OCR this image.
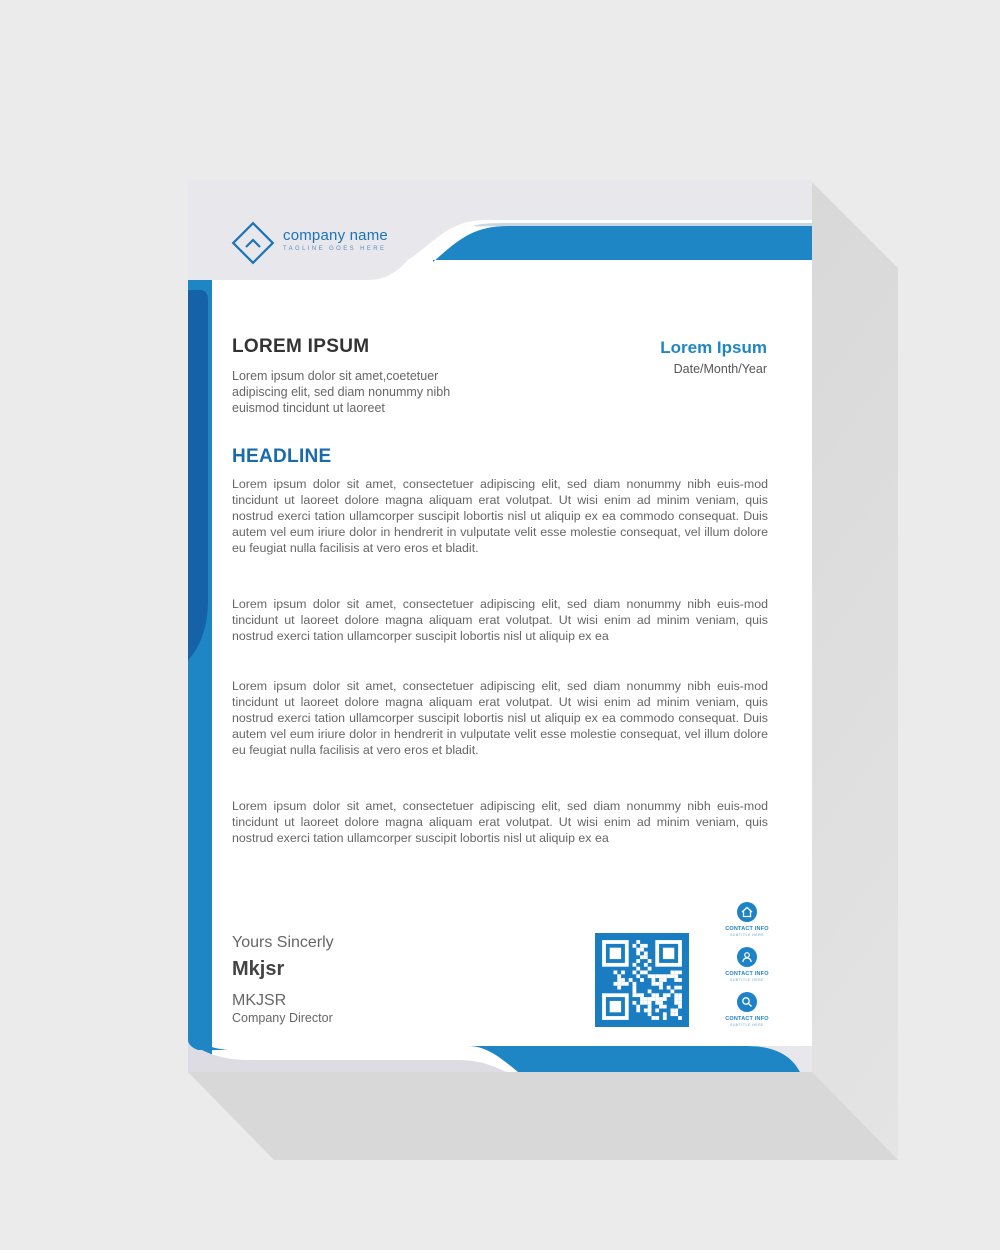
company name
TAGLINE GOES HERE
LOREM IPSUM
Lorem ipsum dolor sit amet,coetetuer adipiscing elit, sed diam nonummy nibh euismod tincidunt ut laoreet
Lorem Ipsum
Date/Month/Year
HEADLINE

Lorem ipsum dolor sit amet, consectetuer adipiscing elit, sed diam nonummy nibh euis-mod tincidunt ut laoreet dolore magna aliquam erat volutpat. Ut wisi enim ad minim veniam, quis nostrud exerci tation ullamcorper suscipit lobortis nisl ut aliquip ex ea commodo consequat. Duis autem vel eum iriure dolor in hendrerit in vulputate velit esse molestie consequat, vel illum dolore eu feugiat nulla facilisis at vero eros et bladit.

Lorem ipsum dolor sit amet, consectetuer adipiscing elit, sed diam nonummy nibh euis-mod tincidunt ut laoreet dolore magna aliquam erat volutpat. Ut wisi enim ad minim veniam, quis nostrud exerci tation ullamcorper suscipit lobortis nisl ut aliquip ex ea

Lorem ipsum dolor sit amet, consectetuer adipiscing elit, sed diam nonummy nibh euis-mod tincidunt ut laoreet dolore magna aliquam erat volutpat. Ut wisi enim ad minim veniam, quis nostrud exerci tation ullamcorper suscipit lobortis nisl ut aliquip ex ea commodo consequat. Duis autem vel eum iriure dolor in hendrerit in vulputate velit esse molestie consequat, vel illum dolore eu feugiat nulla facilisis at vero eros et bladit.

Lorem ipsum dolor sit amet, consectetuer adipiscing elit, sed diam nonummy nibh euis-mod tincidunt ut laoreet dolore magna aliquam erat volutpat. Ut wisi enim ad minim veniam, quis nostrud exerci tation ullamcorper suscipit lobortis nisl ut aliquip ex ea

Yours Sincerly
Mkjsr
MKJSR
Company Director
CONTACT INFO
SUBTITLE HERE
CONTACT INFO
SUBTITLE HERE
CONTACT INFO
SUBTITLE HERE
